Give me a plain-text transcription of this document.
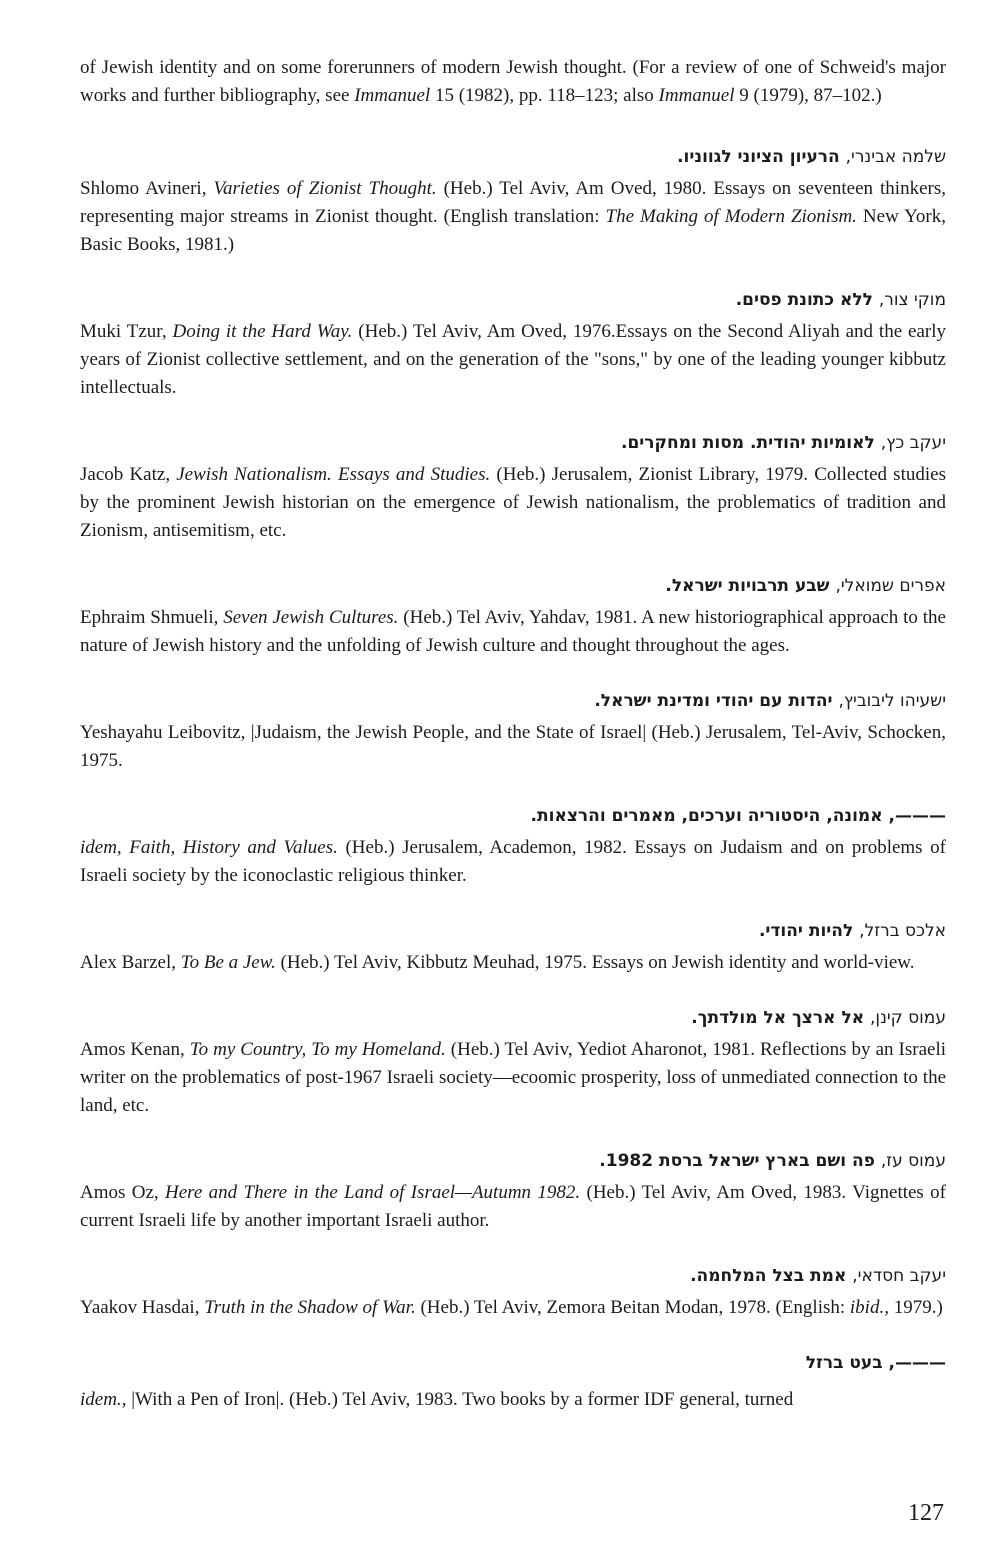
of Jewish identity and on some forerunners of modern Jewish thought. (For a review of one of Schweid's major works and further bibliography, see Immanuel 15 (1982), pp. 118–123; also Immanuel 9 (1979), 87–102.)

שלמה אבינרי, הרעיון הציוני לגווניו.

Shlomo Avineri, Varieties of Zionist Thought. (Heb.) Tel Aviv, Am Oved, 1980. Essays on seventeen thinkers, representing major streams in Zionist thought. (English translation: The Making of Modern Zionism. New York, Basic Books, 1981.)

מוקי צור, ללא כתונת פסים.

Muki Tzur, Doing it the Hard Way. (Heb.) Tel Aviv, Am Oved, 1976.Essays on the Second Aliyah and the early years of Zionist collective settlement, and on the generation of the "sons," by one of the leading younger kibbutz intellectuals.

יעקב כץ, לאומיות יהודית. מסות ומחקרים.

Jacob Katz, Jewish Nationalism. Essays and Studies. (Heb.) Jerusalem, Zionist Library, 1979. Collected studies by the prominent Jewish historian on the emergence of Jewish nationalism, the problematics of tradition and Zionism, antisemitism, etc.

אפרים שמואלי, שבע תרבויות ישראל.

Ephraim Shmueli, Seven Jewish Cultures. (Heb.) Tel Aviv, Yahdav, 1981. A new historiographical approach to the nature of Jewish history and the unfolding of Jewish culture and thought throughout the ages.

ישעיהו ליבוביץ, יהדות עם יהודי ומדינת ישראל.

Yeshayahu Leibovitz, |Judaism, the Jewish People, and the State of Israel| (Heb.) Jerusalem, Tel-Aviv, Schocken, 1975.

———, אמונה, היסטוריה וערכים, מאמרים והרצאות.

idem, Faith, History and Values. (Heb.) Jerusalem, Academon, 1982. Essays on Judaism and on problems of Israeli society by the iconoclastic religious thinker.

אלכס ברזל, להיות יהודי.

Alex Barzel, To Be a Jew. (Heb.) Tel Aviv, Kibbutz Meuhad, 1975. Essays on Jewish identity and world-view.

עמוס קינן, אל ארצך אל מולדתך.

Amos Kenan, To my Country, To my Homeland. (Heb.) Tel Aviv, Yediot Aharonot, 1981. Reflections by an Israeli writer on the problematics of post-1967 Israeli society—ecoomic prosperity, loss of unmediated connection to the land, etc.

עמוס עז, פה ושם בארץ ישראל ברסת 1982.

Amos Oz, Here and There in the Land of Israel—Autumn 1982. (Heb.) Tel Aviv, Am Oved, 1983. Vignettes of current Israeli life by another important Israeli author.

יעקב חסדאי, אמת בצל המלחמה.

Yaakov Hasdai, Truth in the Shadow of War. (Heb.) Tel Aviv, Zemora Beitan Modan, 1978. (English: ibid., 1979.)

———, בעט ברזל

idem., |With a Pen of Iron|. (Heb.) Tel Aviv, 1983. Two books by a former IDF general, turned

127
